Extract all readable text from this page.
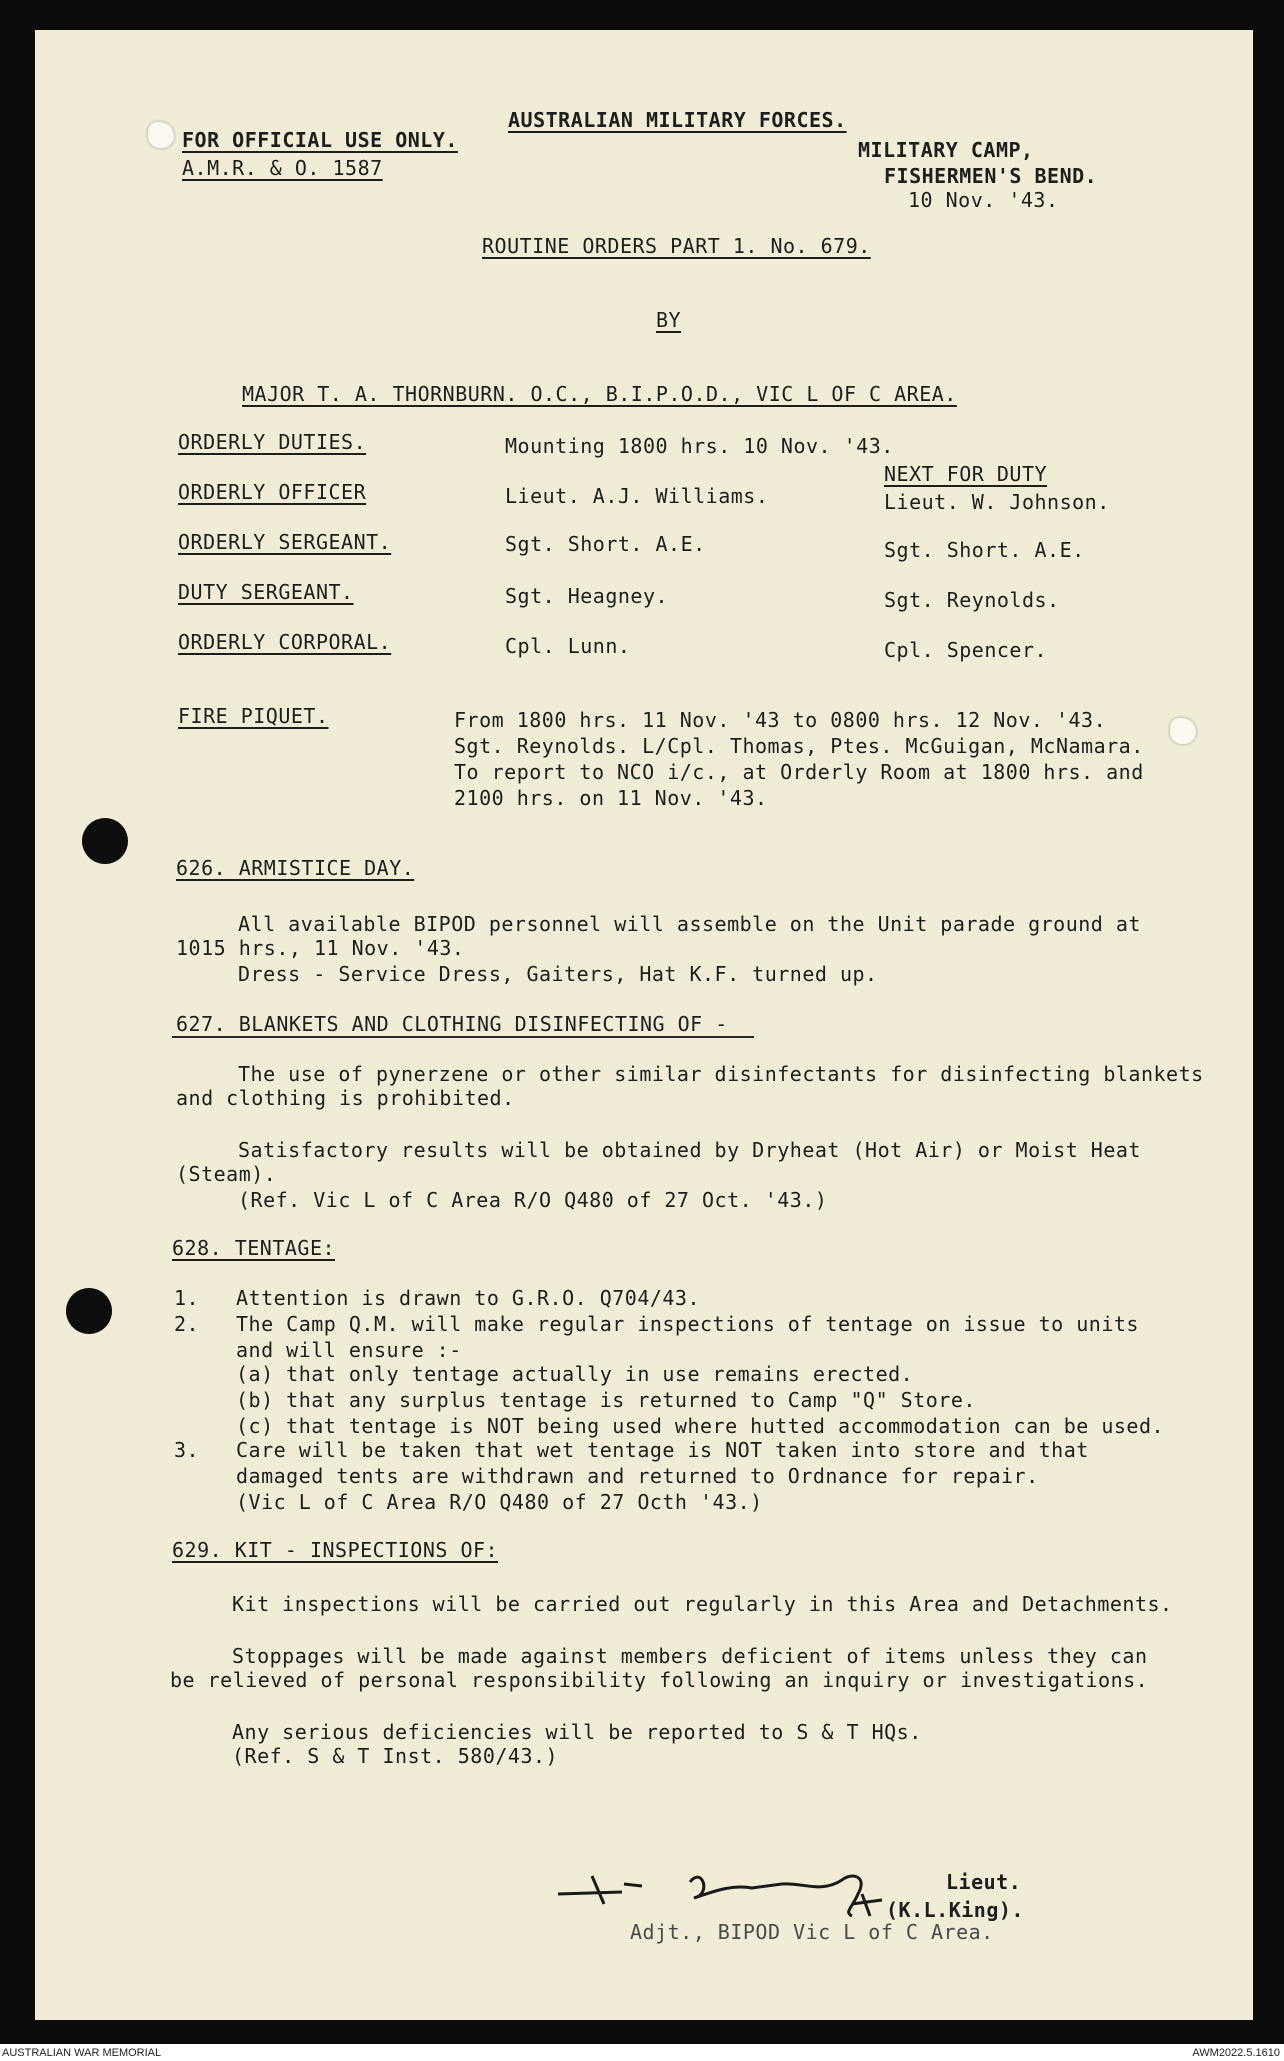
AUSTRALIAN MILITARY FORCES.
FOR OFFICIAL USE ONLY.
A.M.R. & O. 1587
MILITARY CAMP,
FISHERMEN'S BEND.
10 Nov. '43.
ROUTINE ORDERS PART 1. No. 679.
BY
MAJOR T. A. THORNBURN. O.C., B.I.P.O.D., VIC L OF C AREA.
ORDERLY DUTIES.	Mounting 1800 hrs. 10 Nov. '43.
NEXT FOR DUTY
ORDERLY OFFICER	Lieut. A.J. Williams.	Lieut. W. Johnson.
ORDERLY SERGEANT.	Sgt. Short. A.E.	Sgt. Short. A.E.
DUTY SERGEANT.	Sgt. Heagney.	Sgt. Reynolds.
ORDERLY CORPORAL.	Cpl. Lunn.	Cpl. Spencer.
FIRE PIQUET.	From 1800 hrs. 11 Nov. '43 to 0800 hrs. 12 Nov. '43.
Sgt. Reynolds. L/Cpl. Thomas, Ptes. McGuigan, McNamara.
To report to NCO i/c., at Orderly Room at 1800 hrs. and
2100 hrs. on 11 Nov. '43.
626. ARMISTICE DAY.
All available BIPOD personnel will assemble on the Unit parade ground at
1015 hrs., 11 Nov. '43.
Dress - Service Dress, Gaiters, Hat K.F. turned up.
627. BLANKETS AND CLOTHING DISINFECTING OF -
The use of pynerzene or other similar disinfectants for disinfecting blankets
and clothing is prohibited.
Satisfactory results will be obtained by Dryheat (Hot Air) or Moist Heat
(Steam).
(Ref. Vic L of C Area R/O Q480 of 27 Oct. '43.)
628. TENTAGE:
1. Attention is drawn to G.R.O. Q704/43.
2. The Camp Q.M. will make regular inspections of tentage on issue to units
and will ensure :-
(a) that only tentage actually in use remains erected.
(b) that any surplus tentage is returned to Camp "Q" Store.
(c) that tentage is NOT being used where hutted accommodation can be used.
3. Care will be taken that wet tentage is NOT taken into store and that
damaged tents are withdrawn and returned to Ordnance for repair.
(Vic L of C Area R/O Q480 of 27 Octh '43.)
629. KIT - INSPECTIONS OF:
Kit inspections will be carried out regularly in this Area and Detachments.
Stoppages will be made against members deficient of items unless they can
be relieved of personal responsibility following an inquiry or investigations.
Any serious deficiencies will be reported to S & T HQs.
(Ref. S & T Inst. 580/43.)
Lieut.
(K.L.King).
Adjt., BIPOD Vic L of C Area.
AUSTRALIAN WAR MEMORIAL	AWM2022.5.1610
